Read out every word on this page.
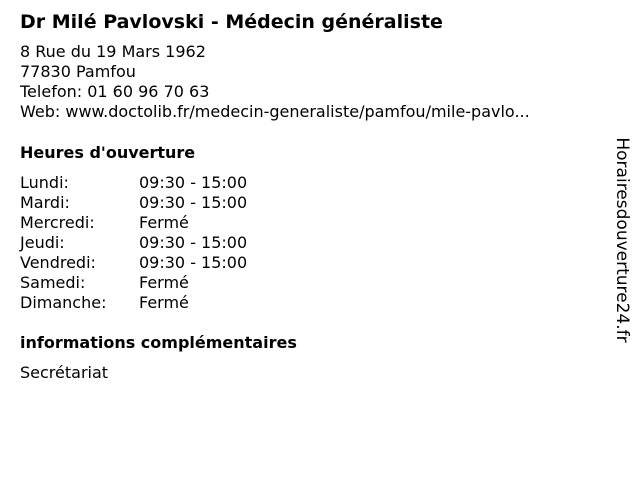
Dr Milé Pavlovski - Médecin généraliste
8 Rue du 19 Mars 1962
77830 Pamfou
Telefon: 01 60 96 70 63
Web: www.doctolib.fr/medecin-generaliste/pamfou/mile-pavlo...
Heures d'ouverture
Lundi:	09:30 - 15:00
Mardi:	09:30 - 15:00
Mercredi:	Fermé
Jeudi:	09:30 - 15:00
Vendredi:	09:30 - 15:00
Samedi:	Fermé
Dimanche:	Fermé
informations complémentaires
Secrétariat
Horairesdouverture24.fr
